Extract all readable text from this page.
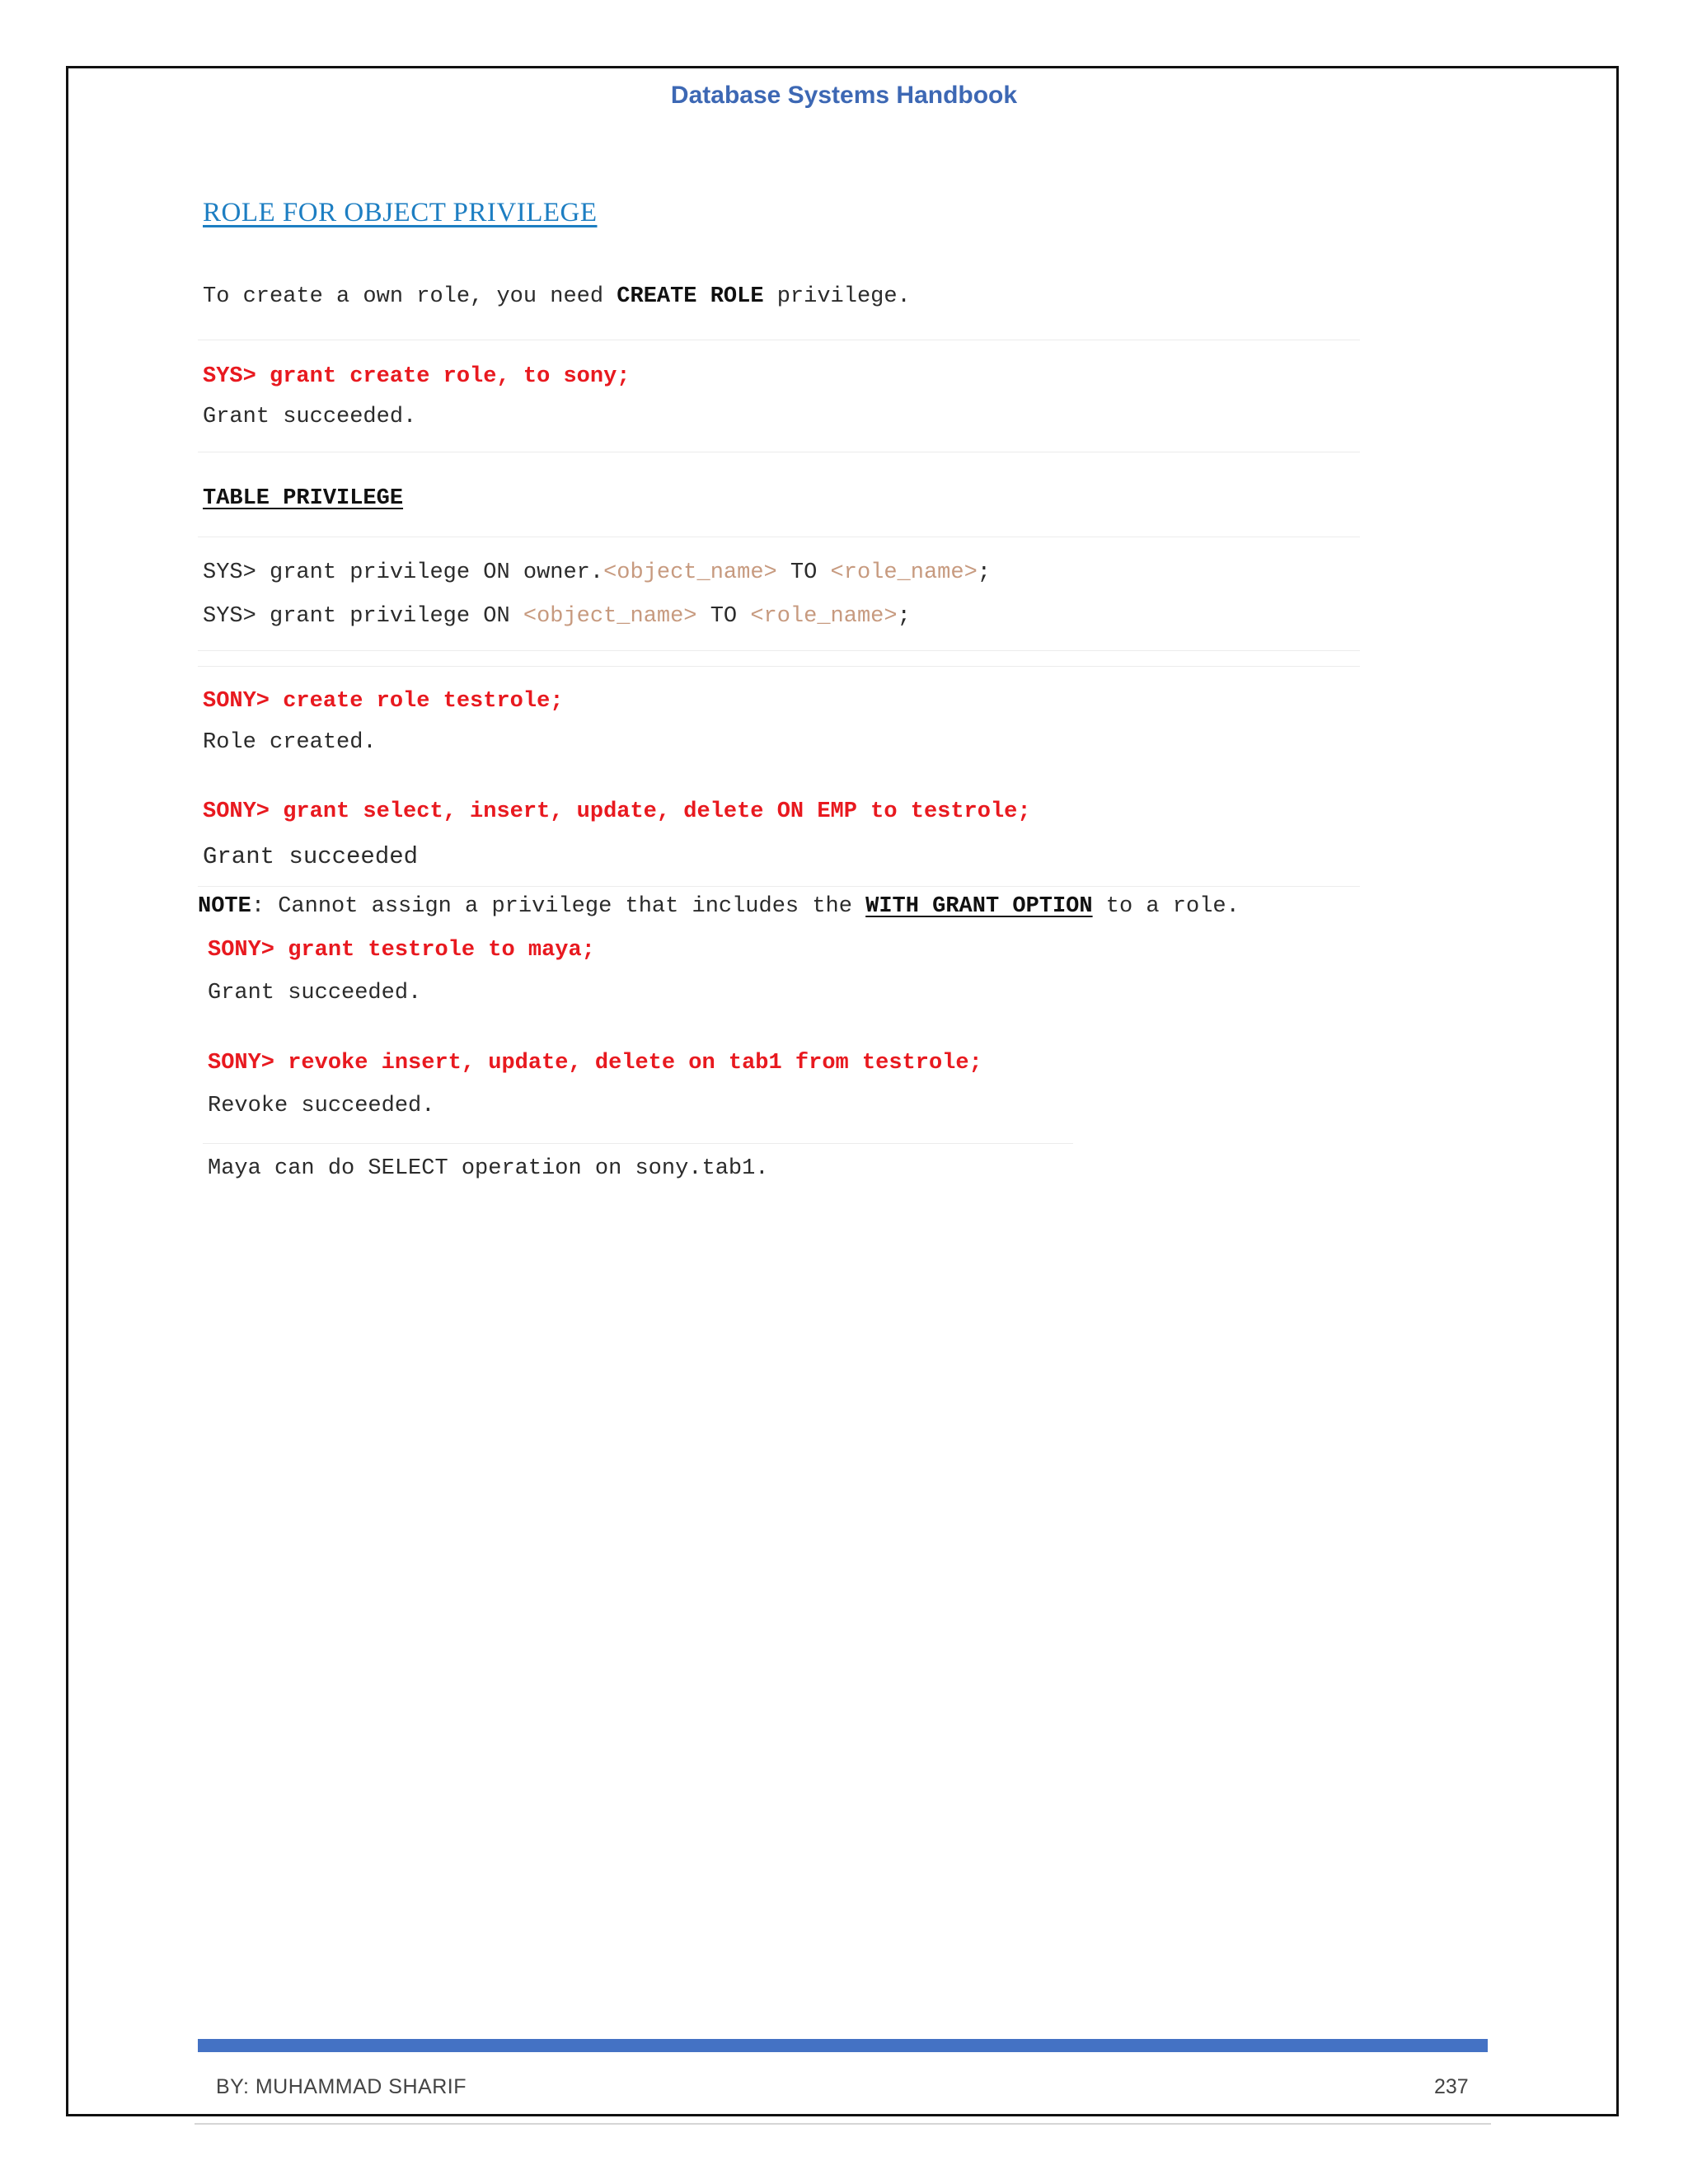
Database Systems Handbook
ROLE FOR OBJECT PRIVILEGE
To create a own role, you need CREATE ROLE privilege.
SYS> grant create role, to sony;
Grant succeeded.
TABLE PRIVILEGE
SYS> grant privilege ON owner.<object_name> TO <role_name>;
SYS> grant privilege ON <object_name> TO <role_name>;
SONY> create role testrole;
Role created.
SONY> grant select, insert, update, delete ON EMP to testrole;
Grant succeeded
NOTE: Cannot assign a privilege that includes the WITH GRANT OPTION to a role.
SONY> grant testrole to maya;
Grant succeeded.
SONY> revoke insert, update, delete on tab1 from testrole;
Revoke succeeded.
Maya can do SELECT operation on sony.tab1.
BY: MUHAMMAD SHARIF	237
